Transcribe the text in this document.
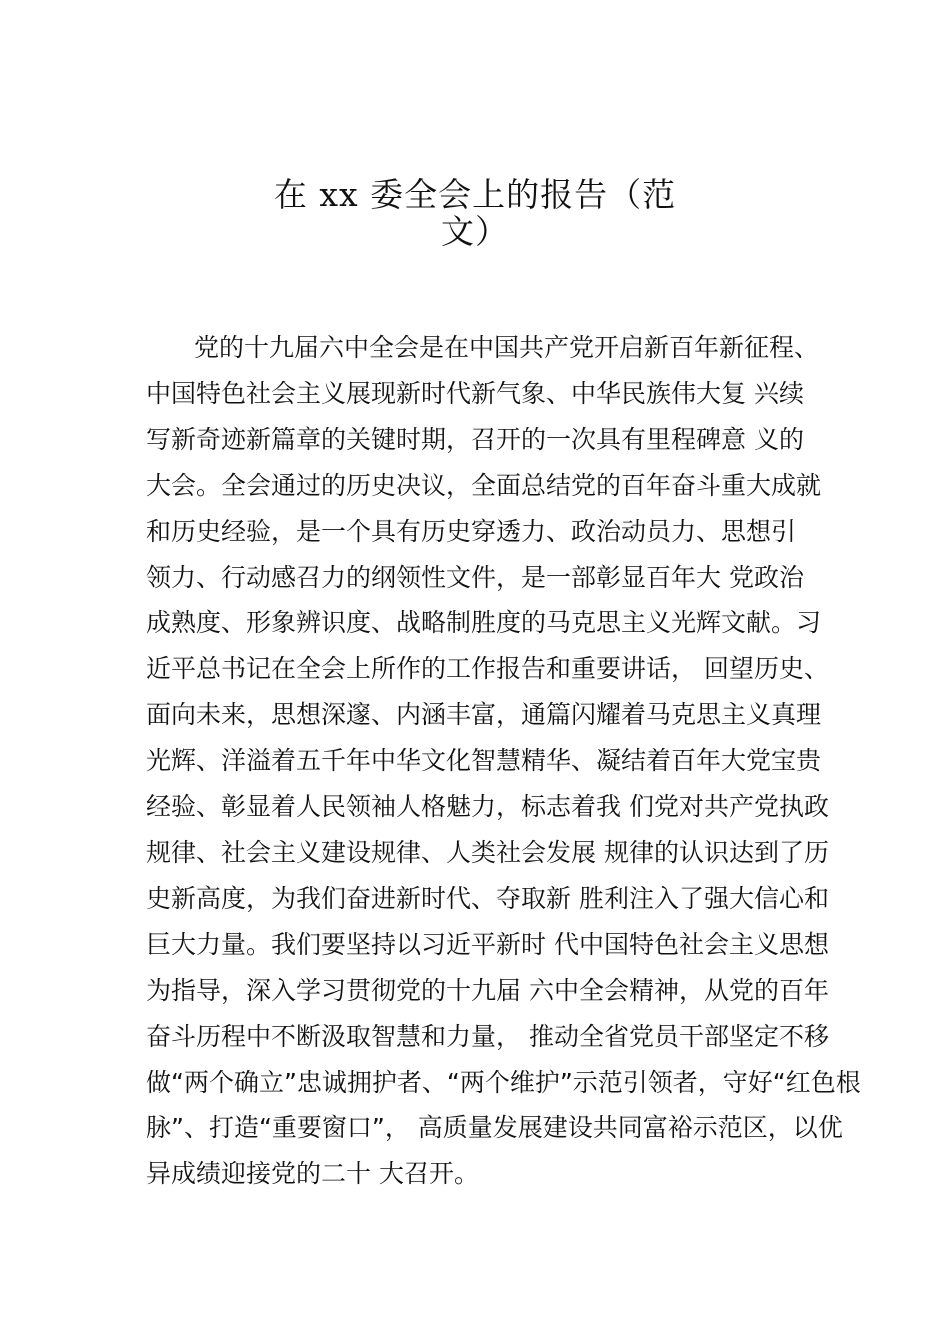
在 xx 委全会上的报告（范
文）
党的十九届六中全会是在中国共产党开启新百年新征程、
中国特色社会主义展现新时代新气象、中华民族伟大复 兴续
写新奇迹新篇章的关键时期，召开的一次具有里程碑意 义的
大会。全会通过的历史决议，全面总结党的百年奋斗重大成就
和历史经验，是一个具有历史穿透力、政治动员力、思想引
领力、行动感召力的纲领性文件，是一部彰显百年大 党政治
成熟度、形象辨识度、战略制胜度的马克思主义光辉文献。习
近平总书记在全会上所作的工作报告和重要讲话， 回望历史、
面向未来，思想深邃、内涵丰富，通篇闪耀着马克思主义真理
光辉、洋溢着五千年中华文化智慧精华、凝结着百年大党宝贵
经验、彰显着人民领袖人格魅力，标志着我 们党对共产党执政
规律、社会主义建设规律、人类社会发展 规律的认识达到了历
史新高度，为我们奋进新时代、夺取新 胜利注入了强大信心和
巨大力量。我们要坚持以习近平新时 代中国特色社会主义思想
为指导，深入学习贯彻党的十九届 六中全会精神，从党的百年
奋斗历程中不断汲取智慧和力量， 推动全省党员干部坚定不移
做“两个确立”忠诚拥护者、“两个维护”示范引领者，守好“红色根
脉”、打造“重要窗口”， 高质量发展建设共同富裕示范区，以优
异成绩迎接党的二十 大召开。
